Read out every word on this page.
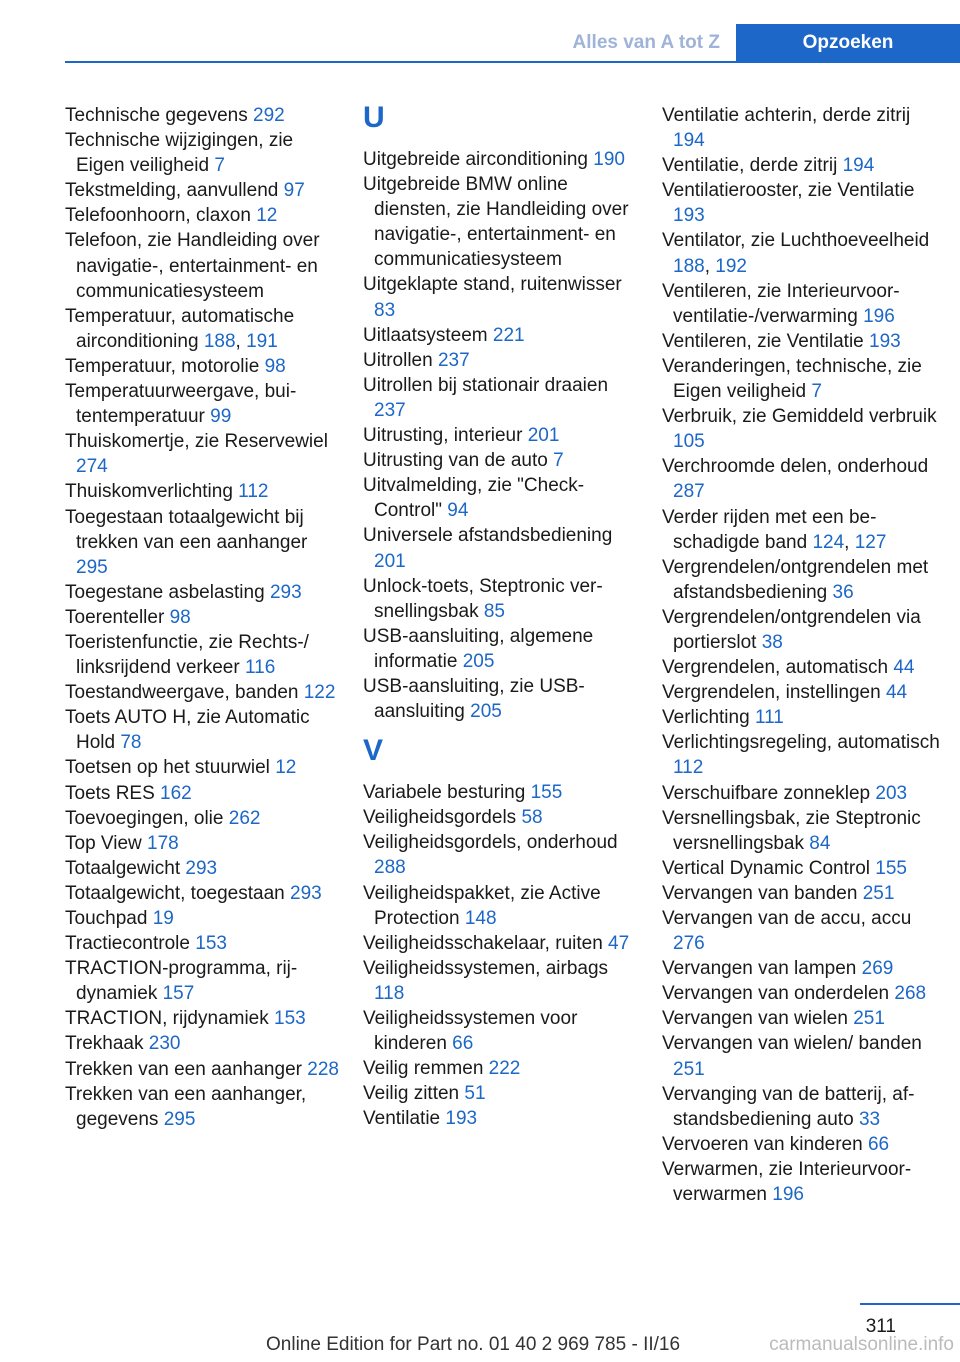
Alles van A tot Z	Opzoeken
Technische gegevens 292
Technische wijzigingen, zie Eigen veiligheid 7
Tekstmelding, aanvullend 97
Telefoonhoorn, claxon 12
Telefoon, zie Handleiding over navigatie-, entertainment- en communicatiesysteem
Temperatuur, automatische airconditioning 188, 191
Temperatuur, motorolie 98
Temperatuurweergave, buitentemperatuur 99
Thuiskomertje, zie Reservewiel 274
Thuiskomverlichting 112
Toegestaan totaalgewicht bij trekken van een aanhanger 295
Toegestane asbelasting 293
Toerenteller 98
Toeristenfunctie, zie Rechts-/ linksrijdend verkeer 116
Toestandweergave, banden 122
Toets AUTO H, zie Automatic Hold 78
Toetsen op het stuurwiel 12
Toets RES 162
Toevoegingen, olie 262
Top View 178
Totaalgewicht 293
Totaalgewicht, toegestaan 293
Touchpad 19
Tractiecontrole 153
TRACTION-programma, rijdynamiek 157
TRACTION, rijdynamiek 153
Trekhaak 230
Trekken van een aanhanger 228
Trekken van een aanhanger, gegevens 295
U
Uitgebreide airconditioning 190
Uitgebreide BMW online diensten, zie Handleiding over navigatie-, entertainment- en communicatiesysteem
Uitgeklapte stand, ruitenwisser 83
Uitlaatsysteem 221
Uitrollen 237
Uitrollen bij stationair draaien 237
Uitrusting, interieur 201
Uitrusting van de auto 7
Uitvalmelding, zie "Check-Control" 94
Universele afstandsbediening 201
Unlock-toets, Steptronic versnellingsbak 85
USB-aansluiting, algemene informatie 205
USB-aansluiting, zie USB-aansluiting 205
V
Variabele besturing 155
Veiligheidsgordels 58
Veiligheidsgordels, onderhoud 288
Veiligheidspakket, zie Active Protection 148
Veiligheidsschakelaar, ruiten 47
Veiligheidssystemen, airbags 118
Veiligheidssystemen voor kinderen 66
Veilig remmen 222
Veilig zitten 51
Ventilatie 193
Ventilatie achterin, derde zitrij 194
Ventilatie, derde zitrij 194
Ventilatierooster, zie Ventilatie 193
Ventilator, zie Luchthoeveelheid 188, 192
Ventileren, zie Interieurvoorventilatie-/verwarming 196
Ventileren, zie Ventilatie 193
Veranderingen, technische, zie Eigen veiligheid 7
Verbruik, zie Gemiddeld verbruik 105
Verchroomde delen, onderhoud 287
Verder rijden met een beschadigde band 124, 127
Vergrendelen/ontgrendelen met afstandsbediening 36
Vergrendelen/ontgrendelen via portierslot 38
Vergrendelen, automatisch 44
Vergrendelen, instellingen 44
Verlichting 111
Verlichtingsregeling, automatisch 112
Verschuifbare zonneklep 203
Versnellingsbak, zie Steptronic versnellingsbak 84
Vertical Dynamic Control 155
Vervangen van banden 251
Vervangen van de accu, accu 276
Vervangen van lampen 269
Vervangen van onderdelen 268
Vervangen van wielen 251
Vervangen van wielen/ banden 251
Vervanging van de batterij, afstandsbediening auto 33
Vervoeren van kinderen 66
Verwarmen, zie Interieurvoorverwarmen 196
311
Online Edition for Part no. 01 40 2 969 785 - II/16	carmanualsonline.info
